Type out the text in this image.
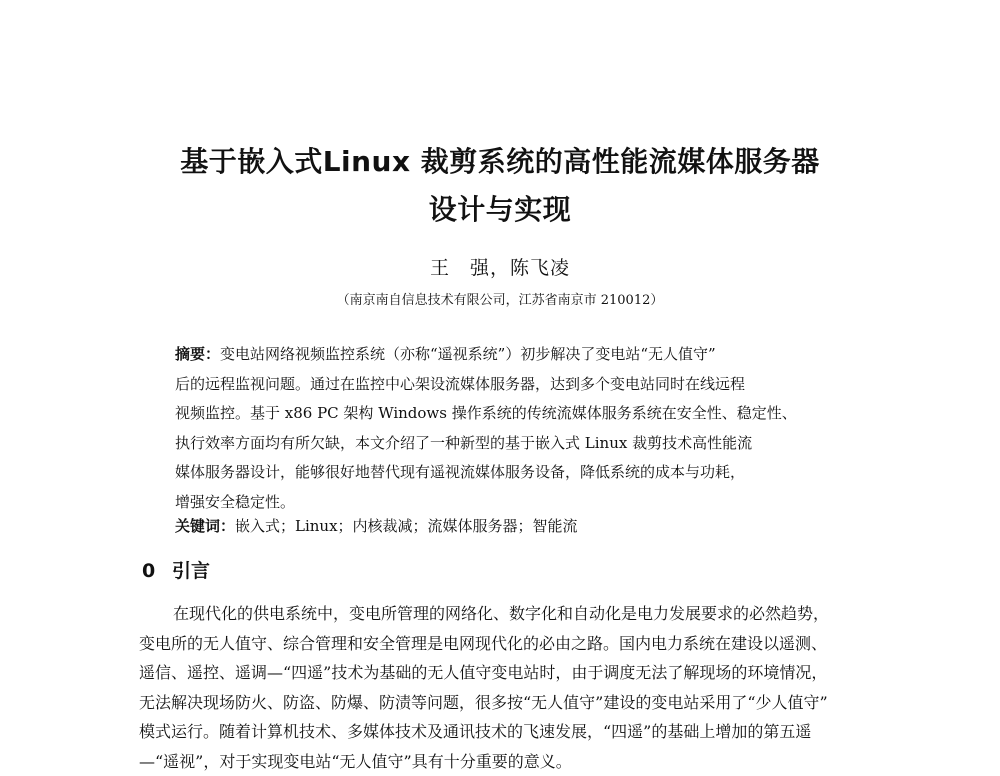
基于嵌入式Linux 裁剪系统的高性能流媒体服务器
设计与实现
王　强，陈飞凌
（南京南自信息技术有限公司，江苏省南京市 210012）
摘要：变电站网络视频监控系统（亦称“遥视系统”）初步解决了变电站“无人值守”
后的远程监视问题。通过在监控中心架设流媒体服务器，达到多个变电站同时在线远程
视频监控。基于 x86 PC 架构 Windows 操作系统的传统流媒体服务系统在安全性、稳定性、
执行效率方面均有所欠缺，本文介绍了一种新型的基于嵌入式 Linux 裁剪技术高性能流
媒体服务器设计，能够很好地替代现有遥视流媒体服务设备，降低系统的成本与功耗，
增强安全稳定性。
关键词：嵌入式；Linux；内核裁减；流媒体服务器；智能流
0 引言
在现代化的供电系统中，变电所管理的网络化、数字化和自动化是电力发展要求的必然趋势，
变电所的无人值守、综合管理和安全管理是电网现代化的必由之路。国内电力系统在建设以遥测、
遥信、遥控、遥调—“四遥”技术为基础的无人值守变电站时，由于调度无法了解现场的环境情况，
无法解决现场防火、防盗、防爆、防渍等问题，很多按“无人值守”建设的变电站采用了“少人值守”
模式运行。随着计算机技术、多媒体技术及通讯技术的飞速发展，“四遥”的基础上增加的第五遥
—“遥视”，对于实现变电站“无人值守”具有十分重要的意义。
